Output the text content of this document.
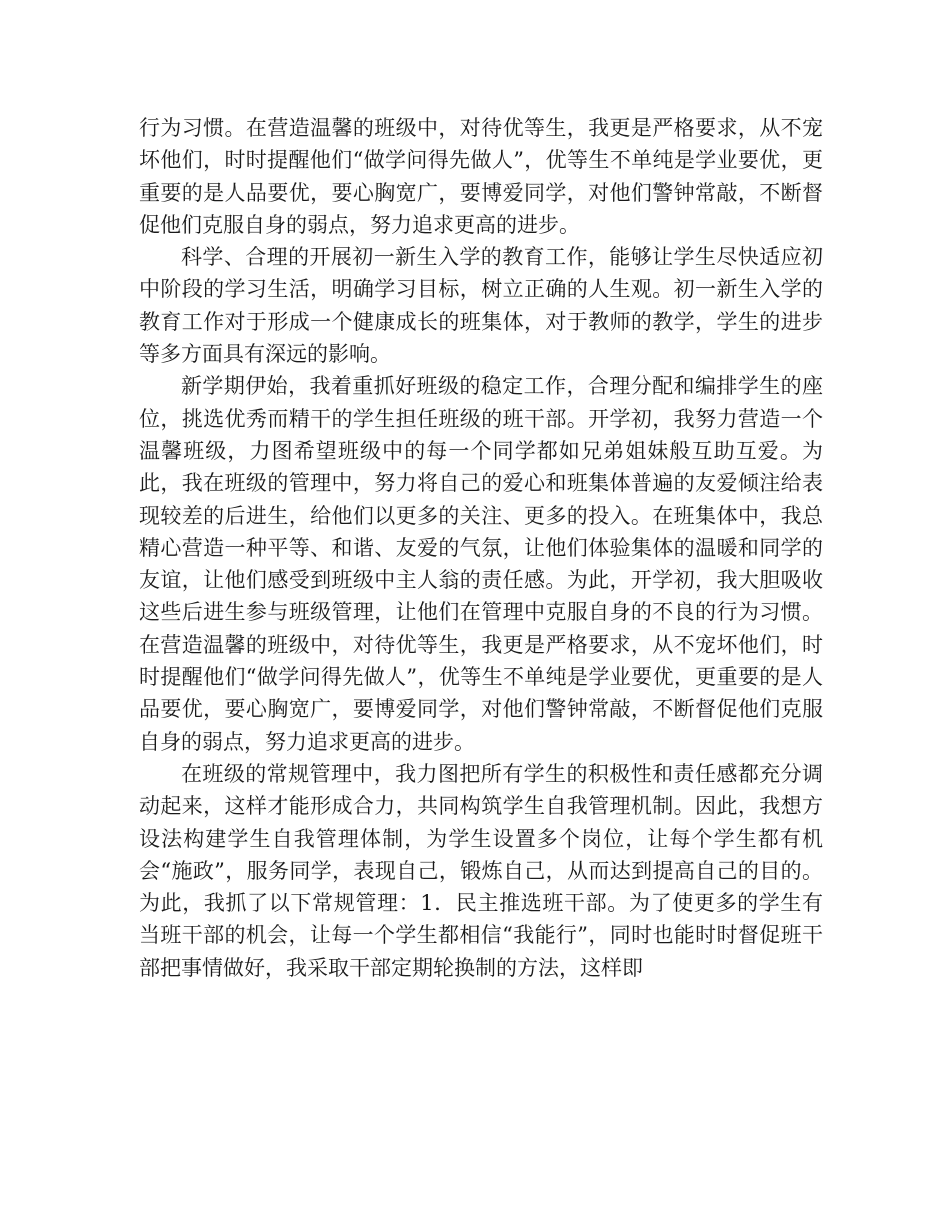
行为习惯。在营造温馨的班级中，对待优等生，我更是严格要求，从不宠坏他们，时时提醒他们“做学问得先做人”，优等生不单纯是学业要优，更重要的是人品要优，要心胸宽广，要博爱同学，对他们警钟常敲，不断督促他们克服自身的弱点，努力追求更高的进步。

科学、合理的开展初一新生入学的教育工作，能够让学生尽快适应初中阶段的学习生活，明确学习目标，树立正确的人生观。初一新生入学的教育工作对于形成一个健康成长的班集体，对于教师的教学，学生的进步等多方面具有深远的影响。

新学期伊始，我着重抓好班级的稳定工作，合理分配和编排学生的座位，挑选优秀而精干的学生担任班级的班干部。开学初，我努力营造一个温馨班级，力图希望班级中的每一个同学都如兄弟姐妹般互助互爱。为此，我在班级的管理中，努力将自己的爱心和班集体普遍的友爱倾注给表现较差的后进生，给他们以更多的关注、更多的投入。在班集体中，我总精心营造一种平等、和谐、友爱的气氛，让他们体验集体的温暖和同学的友谊，让他们感受到班级中主人翁的责任感。为此，开学初，我大胆吸收这些后进生参与班级管理，让他们在管理中克服自身的不良的行为习惯。在营造温馨的班级中，对待优等生，我更是严格要求，从不宠坏他们，时时提醒他们“做学问得先做人”，优等生不单纯是学业要优，更重要的是人品要优，要心胸宽广，要博爱同学，对他们警钟常敲，不断督促他们克服自身的弱点，努力追求更高的进步。

在班级的常规管理中，我力图把所有学生的积极性和责任感都充分调动起来，这样才能形成合力，共同构筑学生自我管理机制。因此，我想方设法构建学生自我管理体制，为学生设置多个岗位，让每个学生都有机会“施政”，服务同学，表现自己，锻炼自己，从而达到提高自己的目的。为此，我抓了以下常规管理：1．民主推选班干部。为了使更多的学生有当班干部的机会，让每一个学生都相信“我能行”，同时也能时时督促班干部把事情做好，我采取干部定期轮换制的方法，这样即
